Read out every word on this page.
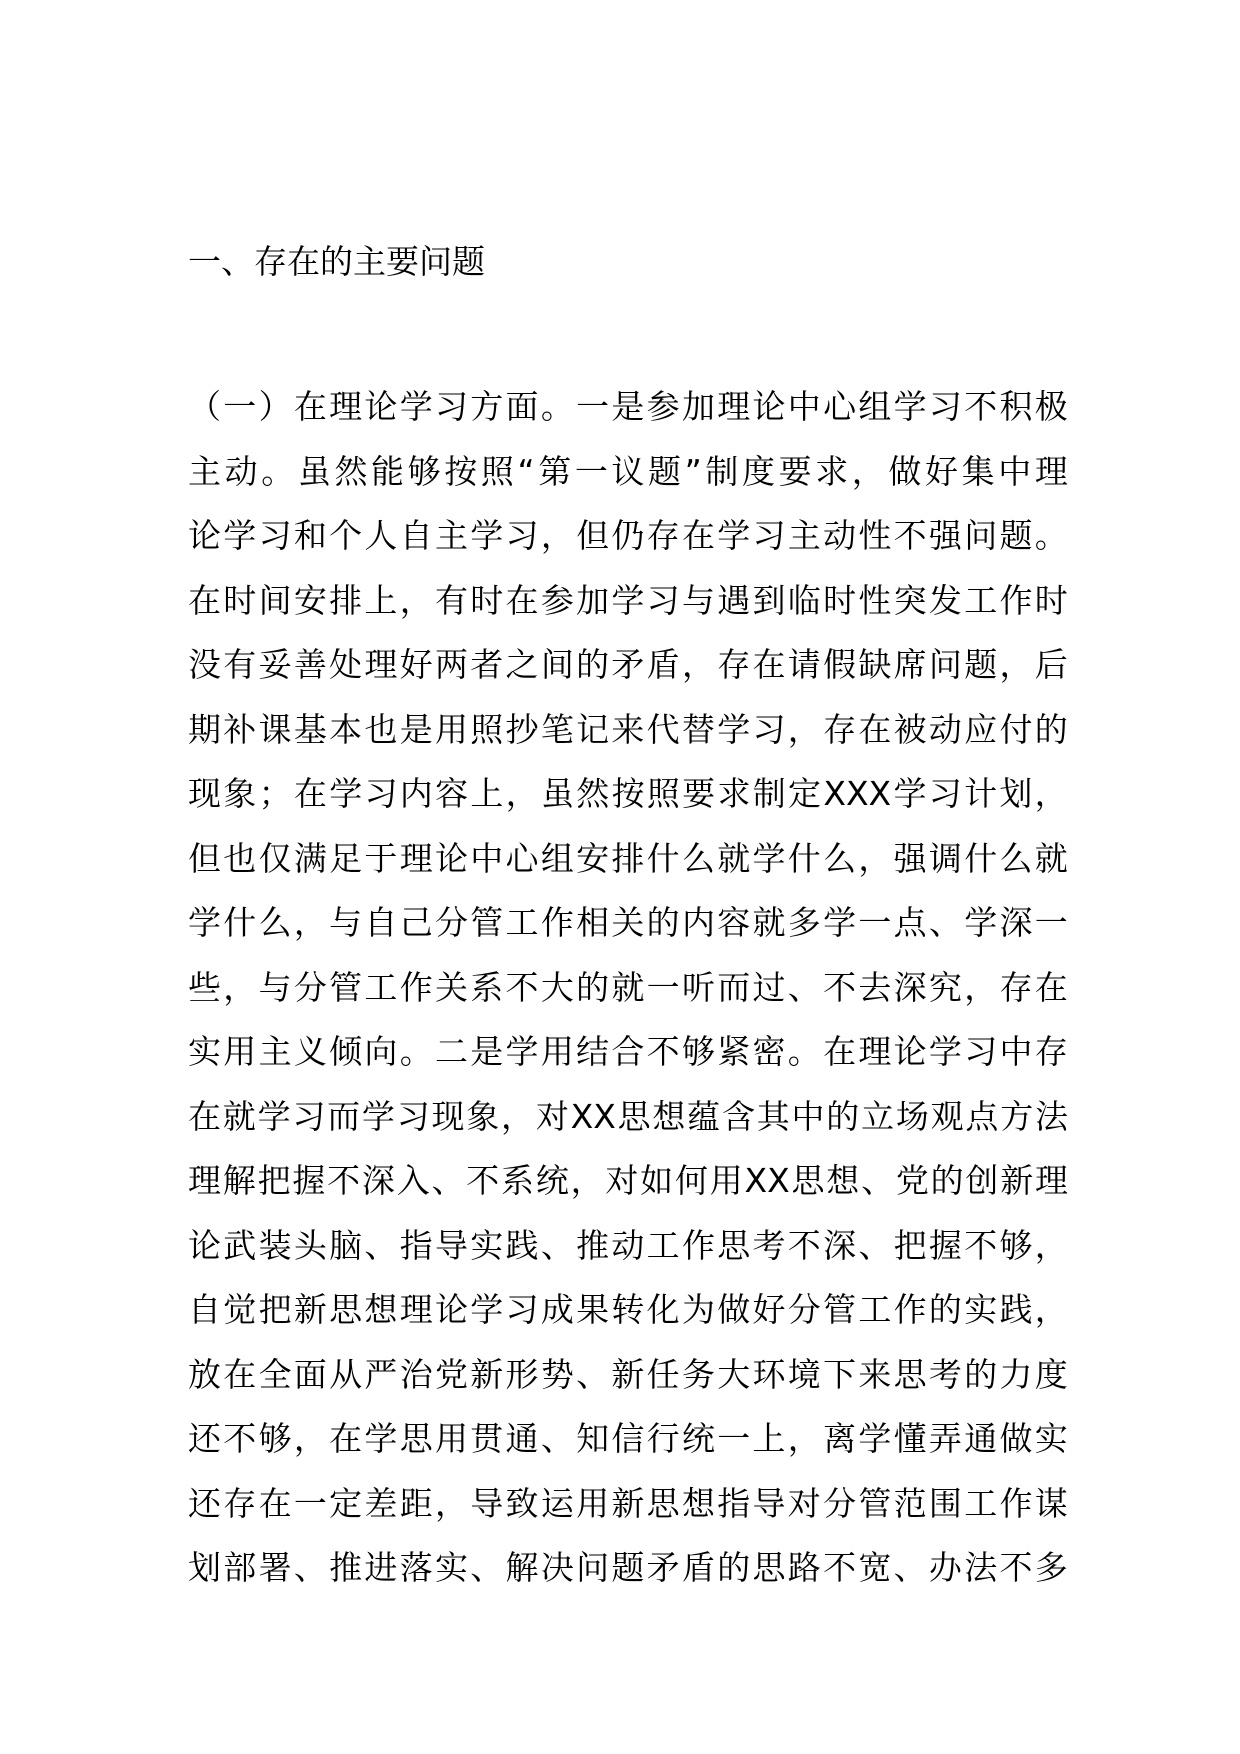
一、存在的主要问题
（ 一 ） 在 理 论 学 习 方 面 。 一 是 参 加 理 论 中 心 组 学 习 不 积 极
主 动 。 虽 然 能 够 按 照 “ 第 一 议 题 ” 制 度 要 求 ， 做 好 集 中 理
论 学 习 和 个 人 自 主 学 习 ， 但 仍 存 在 学 习 主 动 性 不 强 问 题 。
在 时 间 安 排 上 ， 有 时 在 参 加 学 习 与 遇 到 临 时 性 突 发 工 作 时
没 有 妥 善 处 理 好 两 者 之 间 的 矛 盾 ， 存 在 请 假 缺 席 问 题 ， 后
期 补 课 基 本 也 是 用 照 抄 笔 记 来 代 替 学 习 ， 存 在 被 动 应 付 的
现 象 ； 在 学 习 内 容 上 ， 虽 然 按 照 要 求 制 定 XXX 学 习 计 划 ，
但 也 仅 满 足 于 理 论 中 心 组 安 排 什 么 就 学 什 么 ， 强 调 什 么 就
学 什 么 ， 与 自 己 分 管 工 作 相 关 的 内 容 就 多 学 一 点 、 学 深 一
些 ， 与 分 管 工 作 关 系 不 大 的 就 一 听 而 过 、 不 去 深 究 ， 存 在
实 用 主 义 倾 向 。 二 是 学 用 结 合 不 够 紧 密 。 在 理 论 学 习 中 存
在 就 学 习 而 学 习 现 象 ， 对 XX 思 想 蕴 含 其 中 的 立 场 观 点 方 法
理 解 把 握 不 深 入 、 不 系 统 ， 对 如 何 用 XX 思 想 、 党 的 创 新 理
论 武 装 头 脑 、 指 导 实 践 、 推 动 工 作 思 考 不 深 、 把 握 不 够 ，
自 觉 把 新 思 想 理 论 学 习 成 果 转 化 为 做 好 分 管 工 作 的 实 践 ，
放 在 全 面 从 严 治 党 新 形 势 、 新 任 务 大 环 境 下 来 思 考 的 力 度
还 不 够 ， 在 学 思 用 贯 通 、 知 信 行 统 一 上 ， 离 学 懂 弄 通 做 实
还 存 在 一 定 差 距 ， 导 致 运 用 新 思 想 指 导 对 分 管 范 围 工 作 谋
划 部 署 、 推 进 落 实 、 解 决 问 题 矛 盾 的 思 路 不 宽 、 办 法 不 多
